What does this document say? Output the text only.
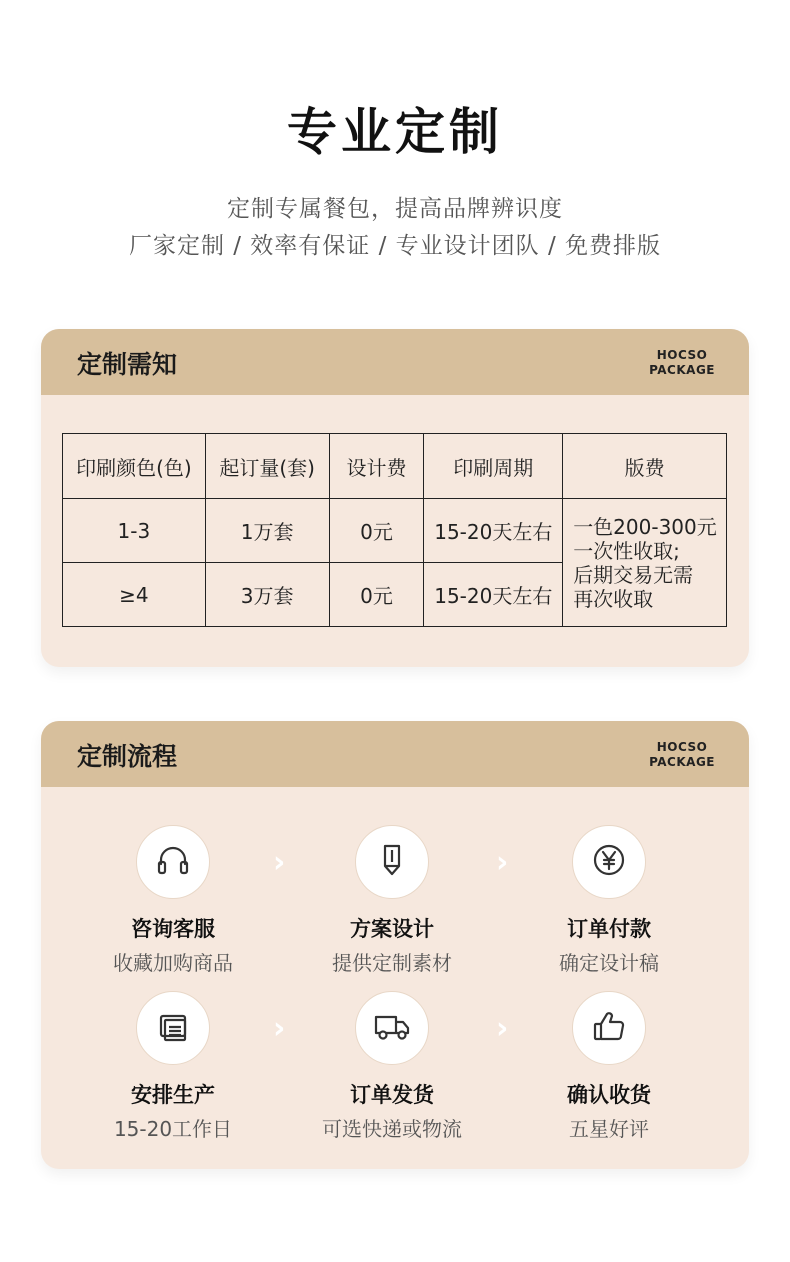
专业定制
定制专属餐包，提高品牌辨识度
厂家定制 / 效率有保证 / 专业设计团队 / 免费排版
定制需知	HOCSO
PACKAGE
印刷颜色(色)	起订量(套)	设计费	印刷周期	版费
1-3	1万套	0元	15-20天左右	一色200-300元
一次性收取;
后期交易无需
再次收取

≥4	3万套	0元	15-20天左右	
定制流程	HOCSO
PACKAGE
咨询客服
收藏加购商品
›
方案设计
提供定制素材
›
订单付款
确定设计稿
安排生产
15-20工作日
›
订单发货
可选快递或物流
›
确认收货
五星好评
